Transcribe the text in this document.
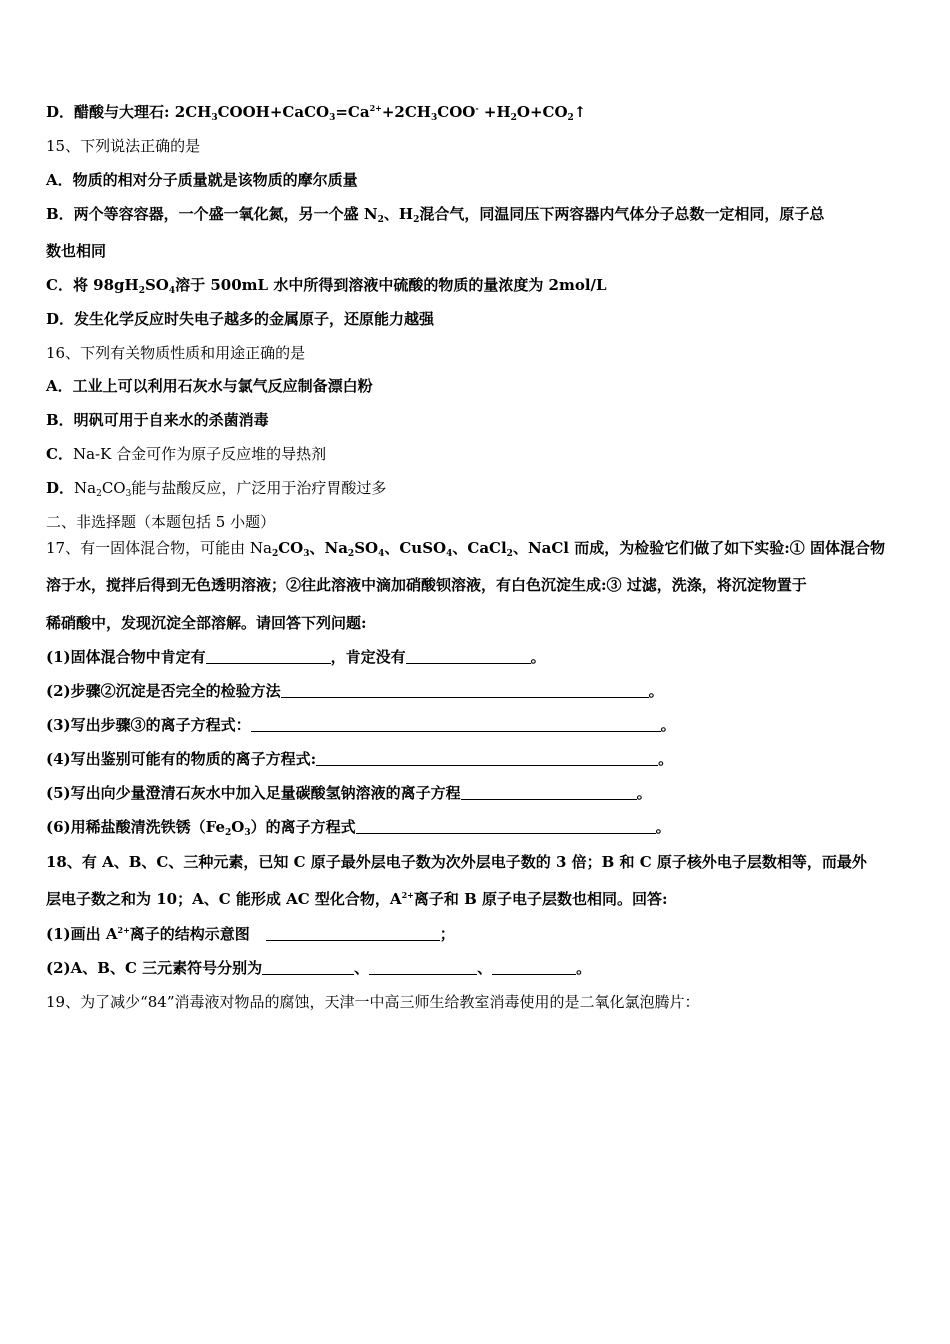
D．醋酸与大理石: $2CH_3COOH+CaCO_3=Ca^{2+}+2CH_3COO^-$ $+H_2O+CO_2↑$
15、下列说法正确的是
A．物质的相对分子质量就是该物质的摩尔质量
B．两个等容容器，一个盛一氧化氮，另一个盛 $N_2$、$H_2$混合气，同温同压下两容器内气体分子总数一定相同，原子总
数也相同
C．将 $98gH_2SO_4$溶于 500mL 水中所得到溶液中硫酸的物质的量浓度为 2mol/L
D．发生化学反应时失电子越多的金属原子，还原能力越强
16、下列有关物质性质和用途正确的是
A．工业上可以利用石灰水与氯气反应制备漂白粉
B．明矾可用于自来水的杀菌消毒
C．Na-K 合金可作为原子反应堆的导热剂
D．$Na_2CO_3$能与盐酸反应，广泛用于治疗胃酸过多
二、非选择题（本题包括 5 小题）
17、有一固体混合物，可能由 $Na_2CO_3$、$Na_2SO_4$、CuSO$_4$、CaCl$_2$、NaCl 而成，为检验它们做了如下实验:① 固体混合物
溶于水，搅拌后得到无色透明溶液；②往此溶液中滴加硝酸钡溶液，有白色沉淀生成:③ 过滤，洗涤，将沉淀物置于
稀硝酸中，发现沉淀全部溶解。请回答下列问题:
(1)固体混合物中肯定有	，肯定没有	。
(2)步骤②沉淀是否完全的检验方法	。
(3)写出步骤③的离子方程式：	。
(4)写出鉴别可能有的物质的离子方程式:	。
(5)写出向少量澄清石灰水中加入足量碳酸氢钠溶液的离子方程	。
(6)用稀盐酸清洗铁锈$(Fe_2O_3)$的离子方程式	。
18、有 A、B、C、三种元素，已知 C 原子最外层电子数为次外层电子数的 3 倍；B 和 C 原子核外电子层数相等，而最外
层电子数之和为 10；A、C 能形成 AC 型化合物，$A^{2+}$离子和 B 原子电子层数也相同。回答:
(1)画出 $A^{2+}$离子的结构示意图	；
(2)A、B、C 三元素符号分别为	、	、	。
19、为了减少“84”消毒液对物品的腐蚀，天津一中高三师生给教室消毒使用的是二氧化氯泡腾片：
